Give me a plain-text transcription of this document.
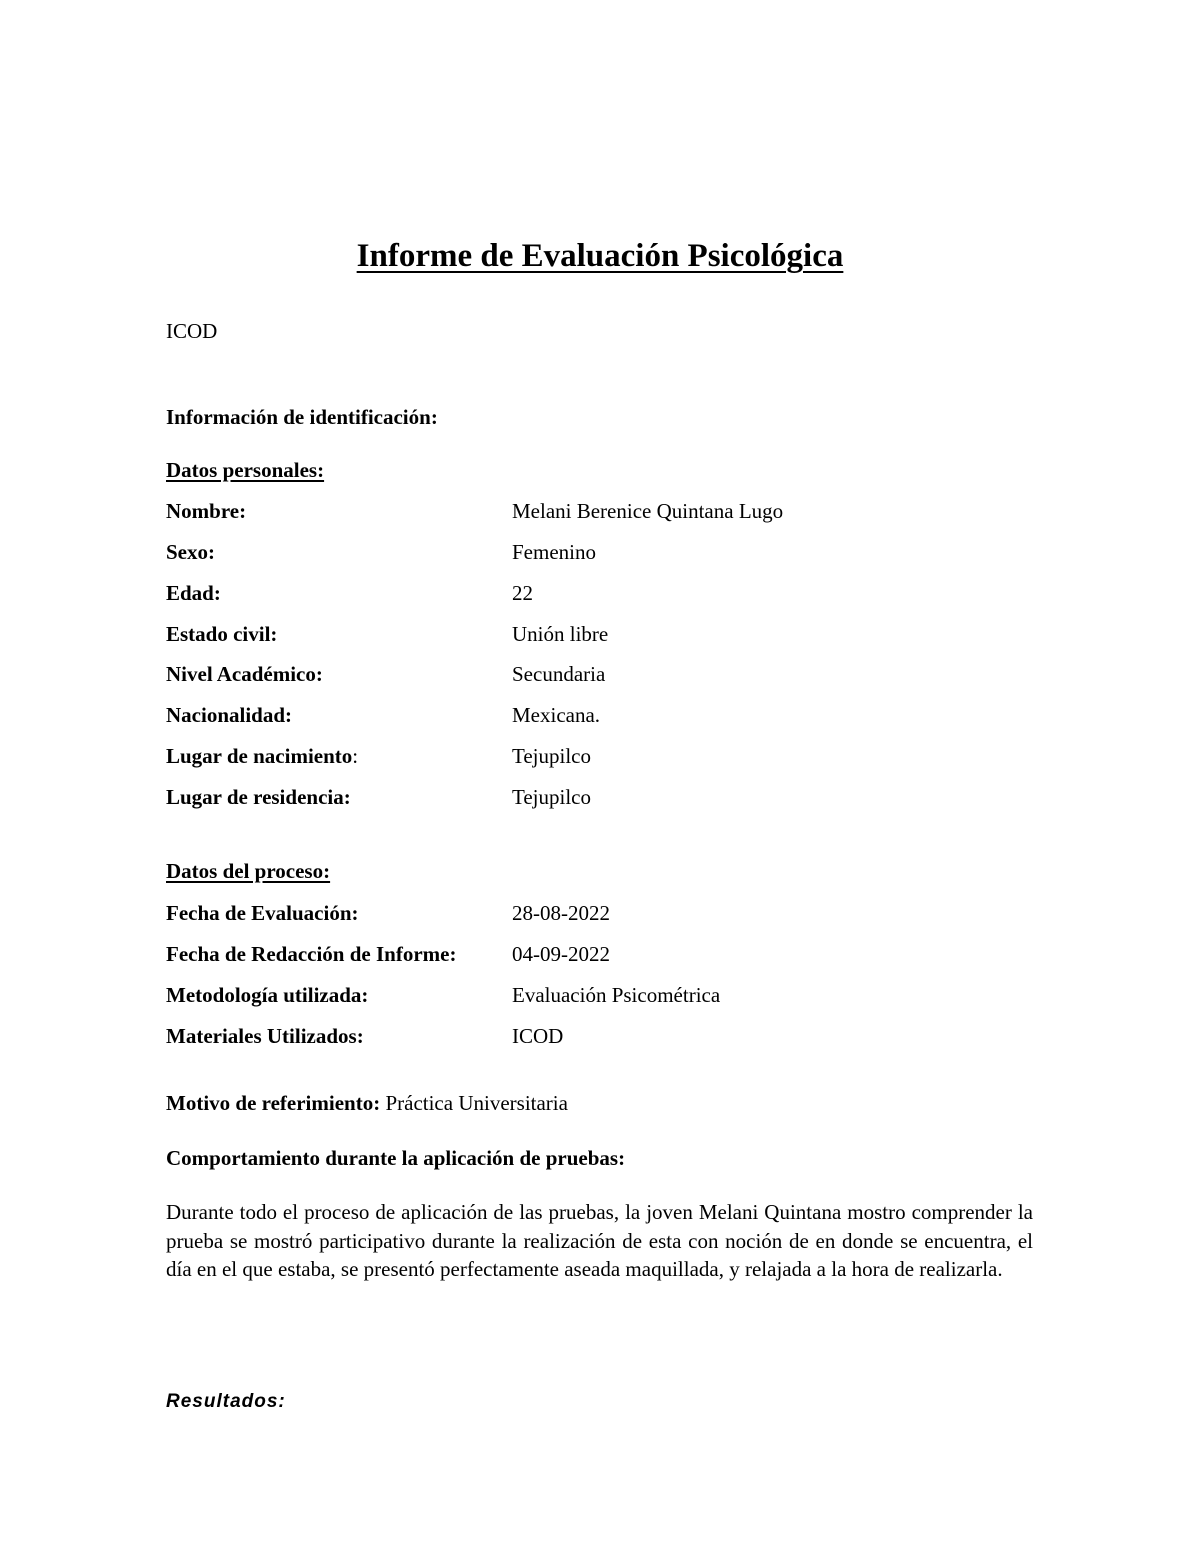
Informe de Evaluación Psicológica

ICOD

Información de identificación:

Datos personales:

Nombre:	Melani Berenice Quintana Lugo
Sexo:	Femenino
Edad:	22
Estado civil:	Unión libre
Nivel Académico:	Secundaria
Nacionalidad:	Mexicana.
Lugar de nacimiento:	Tejupilco
Lugar de residencia:	Tejupilco

Datos del proceso:

Fecha de Evaluación:	28-08-2022
Fecha de Redacción de Informe:	04-09-2022
Metodología utilizada:	Evaluación Psicométrica
Materiales Utilizados:	ICOD

Motivo de referimiento: Práctica Universitaria

Comportamiento durante la aplicación de pruebas:

Durante todo el proceso de aplicación de las pruebas, la joven Melani Quintana mostro comprender la prueba se mostró participativo durante la realización de esta con noción de en donde se encuentra, el día en el que estaba, se presentó perfectamente aseada maquillada, y relajada a la hora de realizarla.

Resultados:
